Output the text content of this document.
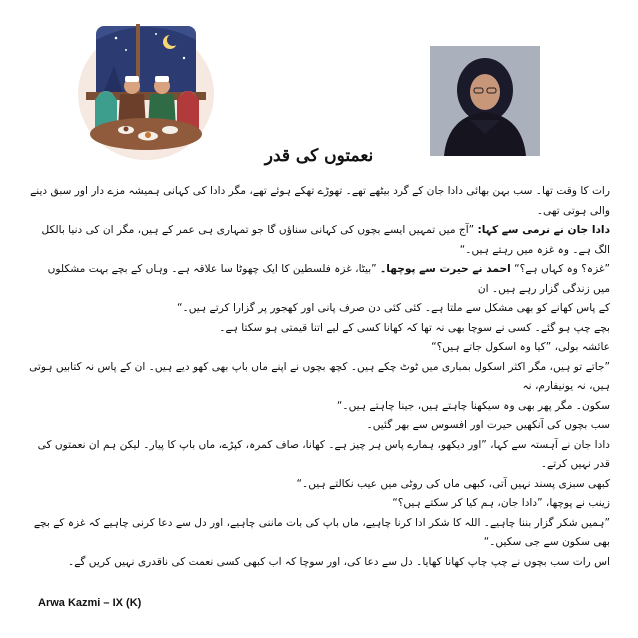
نعمتوں کی قدر

رات کا وقت تھا۔ سب بہن بھائی دادا جان کے گرد بیٹھے تھے۔ تھوڑے تھکے ہوئے تھے، مگر دادا کی کہانی ہمیشہ مزے دار اور سبق دینے والی ہوتی تھی۔

دادا جان نے نرمی سے کہا: ”آج میں تمہیں ایسے بچوں کی کہانی سناؤں گا جو تمہاری ہی عمر کے ہیں، مگر ان کی دنیا بالکل الگ ہے۔ وہ غزہ میں رہتے ہیں۔“

”غزہ؟ وہ کہاں ہے؟“ احمد نے حیرت سے پوچھا۔ ”بیٹا، غزہ فلسطین کا ایک چھوٹا سا علاقہ ہے۔ وہاں کے بچے بہت مشکلوں میں زندگی گزار رہے ہیں۔ ان

کے پاس کھانے کو بھی مشکل سے ملتا ہے۔ کئی کئی دن صرف پانی اور کھجور پر گزارا کرتے ہیں۔“

بچے چپ ہو گئے۔ کسی نے سوچا بھی نہ تھا کہ کھانا کسی کے لیے اتنا قیمتی ہو سکتا ہے۔

عائشہ بولی، ”کیا وہ اسکول جاتے ہیں؟“

”جاتے تو ہیں، مگر اکثر اسکول بمباری میں ٹوٹ چکے ہیں۔ کچھ بچوں نے اپنے ماں باپ بھی کھو دیے ہیں۔ ان کے پاس نہ کتابیں ہوتی ہیں، نہ یونیفارم، نہ

سکون۔ مگر پھر بھی وہ سیکھنا چاہتے ہیں، جینا چاہتے ہیں۔“

سب بچوں کی آنکھیں حیرت اور افسوس سے بھر گئیں۔

دادا جان نے آہستہ سے کہا، ”اور دیکھو، ہمارے پاس ہر چیز ہے۔ کھانا، صاف کمرہ، کپڑے، ماں باپ کا پیار۔ لیکن ہم ان نعمتوں کی قدر نہیں کرتے۔

کبھی سبزی پسند نہیں آتی، کبھی ماں کی روٹی میں عیب نکالتے ہیں۔“

زینب نے پوچھا، ”دادا جان، ہم کیا کر سکتے ہیں؟“

”ہمیں شکر گزار بننا چاہیے۔ اللہ کا شکر ادا کرنا چاہیے، ماں باپ کی بات ماننی چاہیے، اور دل سے دعا کرنی چاہیے کہ غزہ کے بچے بھی سکون سے جی سکیں۔“

اس رات سب بچوں نے چپ چاپ کھانا کھایا۔ دل سے دعا کی، اور سوچا کہ اب کبھی کسی نعمت کی ناقدری نہیں کریں گے۔

Arwa Kazmi – IX (K)
